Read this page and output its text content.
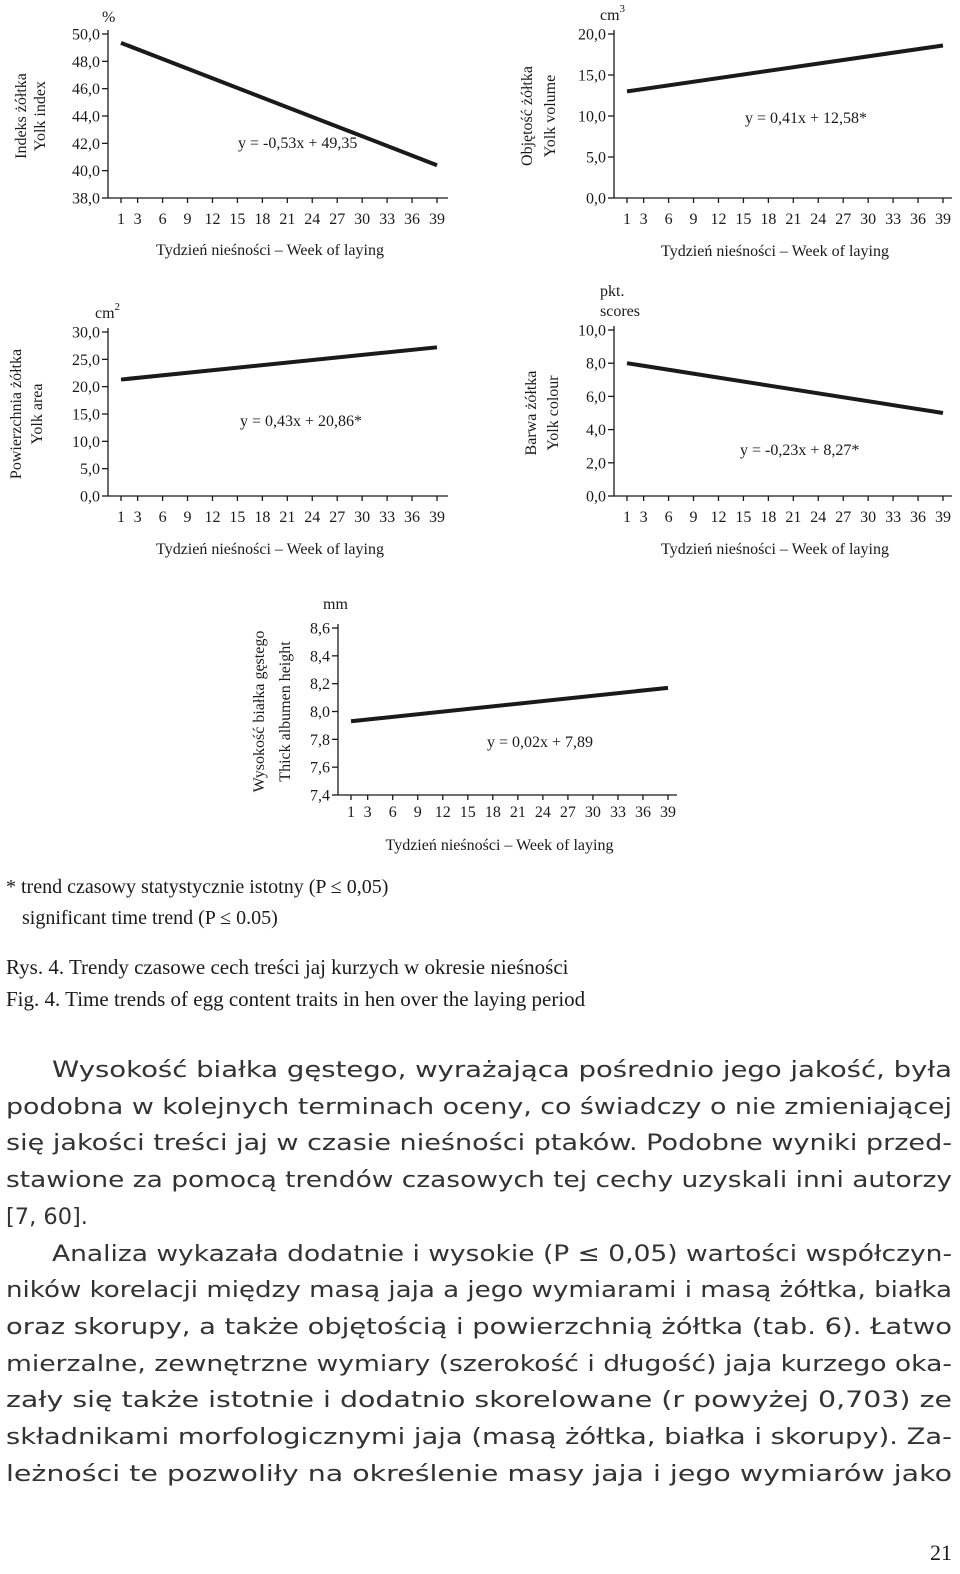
50,0
48,0
46,0
44,0
42,0
40,0
38,0
1 3 6 9 12 15 18 21 24 27 30 33 36 39
Tydzień nieśności – Week of laying
%
Indeks żółtka Yolk index	y = -0,53x + 49,35
20,0
15,0
10,0
5,0
0,0
1 3 6 9 12 15 18 21 24 27 30 33 36 39
Tydzień nieśności – Week of laying
$cm^3$
Objętość żółtka Yolk volume	y = 0,41x + 12,58*
30,0
25,0
20,0
15,0
10,0
5,0
0,0
1 3 6 9 12 15 18 21 24 27 30 33 36 39
Tydzień nieśności – Week of laying
$cm^2$
Powierzchnia żółtka Yolk area	y = 0,43x + 20,86*
10,0
8,0
6,0
4,0
2,0
0,0
1 3 6 9 12 15 18 21 24 27 30 33 36 39
Tydzień nieśności – Week of laying
pkt.
scores
Barwa żółtka Yolk colour	y = -0,23x + 8,27*
8,6
8,4
8,2
8,0
7,8
7,6
7,4
1 3 6 9 12 15 18 21 24 27 30 33 36 39
Tydzień nieśności – Week of laying
mm
Wysokość białka gęstego Thick albumen height	y = 0,02x + 7,89
* trend czasowy statystycznie istotny (P ≤ 0,05)
significant time trend (P ≤ 0.05)
Rys. 4. Trendy czasowe cech treści jaj kurzych w okresie nieśności
Fig. 4. Time trends of egg content traits in hen over the laying period
Wysokość białka gęstego, wyrażająca pośrednio jego jakość, była
podobna w kolejnych terminach oceny, co świadczy o nie zmieniającej
się jakości treści jaj w czasie nieśności ptaków. Podobne wyniki przed-
stawione za pomocą trendów czasowych tej cechy uzyskali inni autorzy
[7, 60].
Analiza wykazała dodatnie i wysokie (P ≤ 0,05) wartości współczyn-
ników korelacji między masą jaja a jego wymiarami i masą żółtka, białka
oraz skorupy, a także objętością i powierzchnią żółtka (tab. 6). Łatwo
mierzalne, zewnętrzne wymiary (szerokość i długość) jaja kurzego oka-
zały się także istotnie i dodatnio skorelowane (r powyżej 0,703) ze
składnikami morfologicznymi jaja (masą żółtka, białka i skorupy). Za-
leżności te pozwoliły na określenie masy jaja i jego wymiarów jako
21
